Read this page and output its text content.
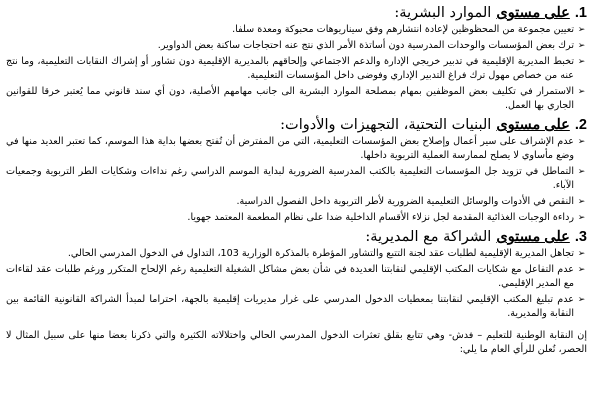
1. على مستوى الموارد البشرية:
➢
تعيين مجموعة من المحظوظين لإعادة انتشارهم وفق سيناريوهات محبوكة ومعدة سلفا.
➢
ترك بعض المؤسسات والوحدات المدرسية دون أساتذة الأمر الذي نتج عنه احتجاجات ساكنة بعض الدواوير.
➢
تخبط المديرية الإقليمية في تدبير خريجي الإدارة والدعم الاجتماعي وإلحاقهم بالمديرية الإقليمية دون تشاور أو إشراك النقابات التعليمية، وما نتج عنه من خصاص مهول ترك فراغ التدبير الإداري وفوضى داخل المؤسسات التعليمية.
➢
الاستمرار في تكليف بعض الموظفين بمهام بمصلحة الموارد البشرية الى جانب مهامهم الأصلية، دون أي سند قانوني مما يُعتبر خرقا للقوانين الجاري بها العمل.
2. على مستوى البنيات التحتية، التجهيزات والأدوات:
➢
عدم الإشراف على سير أعمال وإصلاح بعض المؤسسات التعليمية، التي من المفترض أن تُفتح بعضها بداية هذا الموسم، كما تعتبر العديد منها في وضع مأساوي لا يصلح لممارسة العملية التربوية داخلها.
➢
التماطل في تزويد جل المؤسسات التعليمية بالكتب المدرسية الضرورية لبداية الموسم الدراسي رغم نداءات وشكايات الطر التربوية وجمعيات الآباء.
➢
النقص في الأدوات والوسائل التعليمية الضرورية لأطر التربوية داخل الفصول الدراسية.
➢
رداءة الوجبات الغذائية المقدمة لجل نزلاء الأقسام الداخلية ضدا على نظام المطعمة المعتمد جهويا.
3. على مستوى الشراكة مع المديرية:
➢
تجاهل المديرية الإقليمية لطلبات عقد لجنة التتبع والتشاور المؤطرة بالمذكرة الوزارية 103، التداول في الدخول المدرسي الحالي.
➢
عدم التفاعل مع شكايات المكتب الإقليمي لنقابتنا العديدة في شأن بعض مشاكل الشغيلة التعليمية رغم الإلحاح المتكرر ورغم طلبات عقد لقاءات مع المدير الإقليمي.
➢
عدم تبليغ المكتب الإقليمي لنقابتنا بمعطيات الدخول المدرسي على غرار مديريات إقليمية بالجهة، احتراما لمبدأ الشراكة القانونية القائمة بين النقابة والمديرية.

إن النقابة الوطنية للتعليم – فدش- وهي تتابع بقلق تعثرات الدخول المدرسي الحالي واختلالاته الكثيرة والتي ذكرنا بعضا منها على سبيل المثال لا الحصر، تُعلن للرأي العام ما يلي:
